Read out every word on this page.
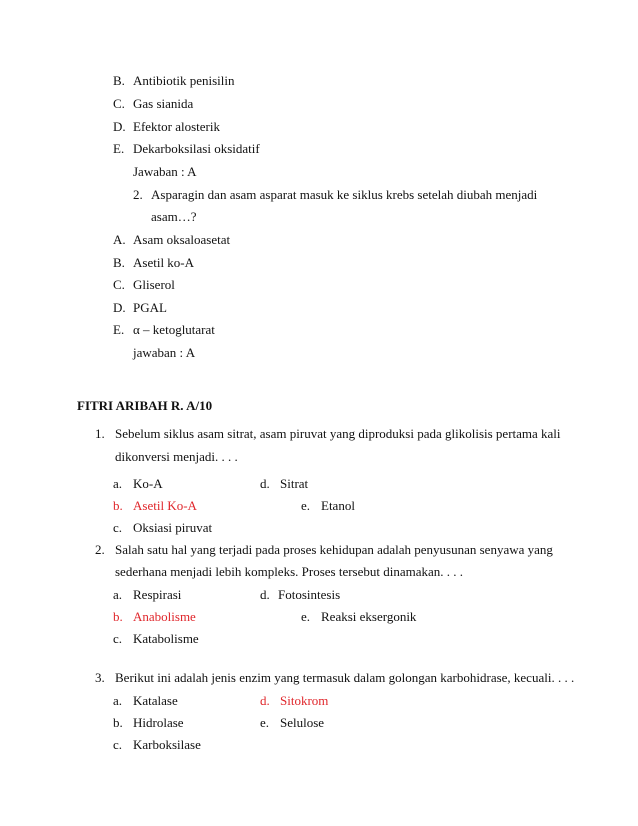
B. Antibiotik penisilin
C. Gas sianida
D. Efektor alosterik
E. Dekarboksilasi oksidatif
Jawaban : A
2. Asparagin dan asam asparat masuk ke siklus krebs setelah diubah menjadi
asam…?
A. Asam oksaloasetat
B. Asetil ko-A
C. Gliserol
D. PGAL
E. α – ketoglutarat
jawaban : A
FITRI ARIBAH R. A/10
1. Sebelum siklus asam sitrat, asam piruvat yang diproduksi pada glikolisis pertama kali
dikonversi menjadi. . . .
a. Ko-A	d. Sitrat
b. Asetil Ko-A	e. Etanol
c. Oksiasi piruvat
2. Salah satu hal yang terjadi pada proses kehidupan adalah penyusunan senyawa yang
sederhana menjadi lebih kompleks. Proses tersebut dinamakan. . . .
a. Respirasi	d. Fotosintesis
b. Anabolisme	e. Reaksi eksergonik
c. Katabolisme
3. Berikut ini adalah jenis enzim yang termasuk dalam golongan karbohidrase, kecuali. . . .
a. Katalase	d. Sitokrom
b. Hidrolase	e. Selulose
c. Karboksilase
